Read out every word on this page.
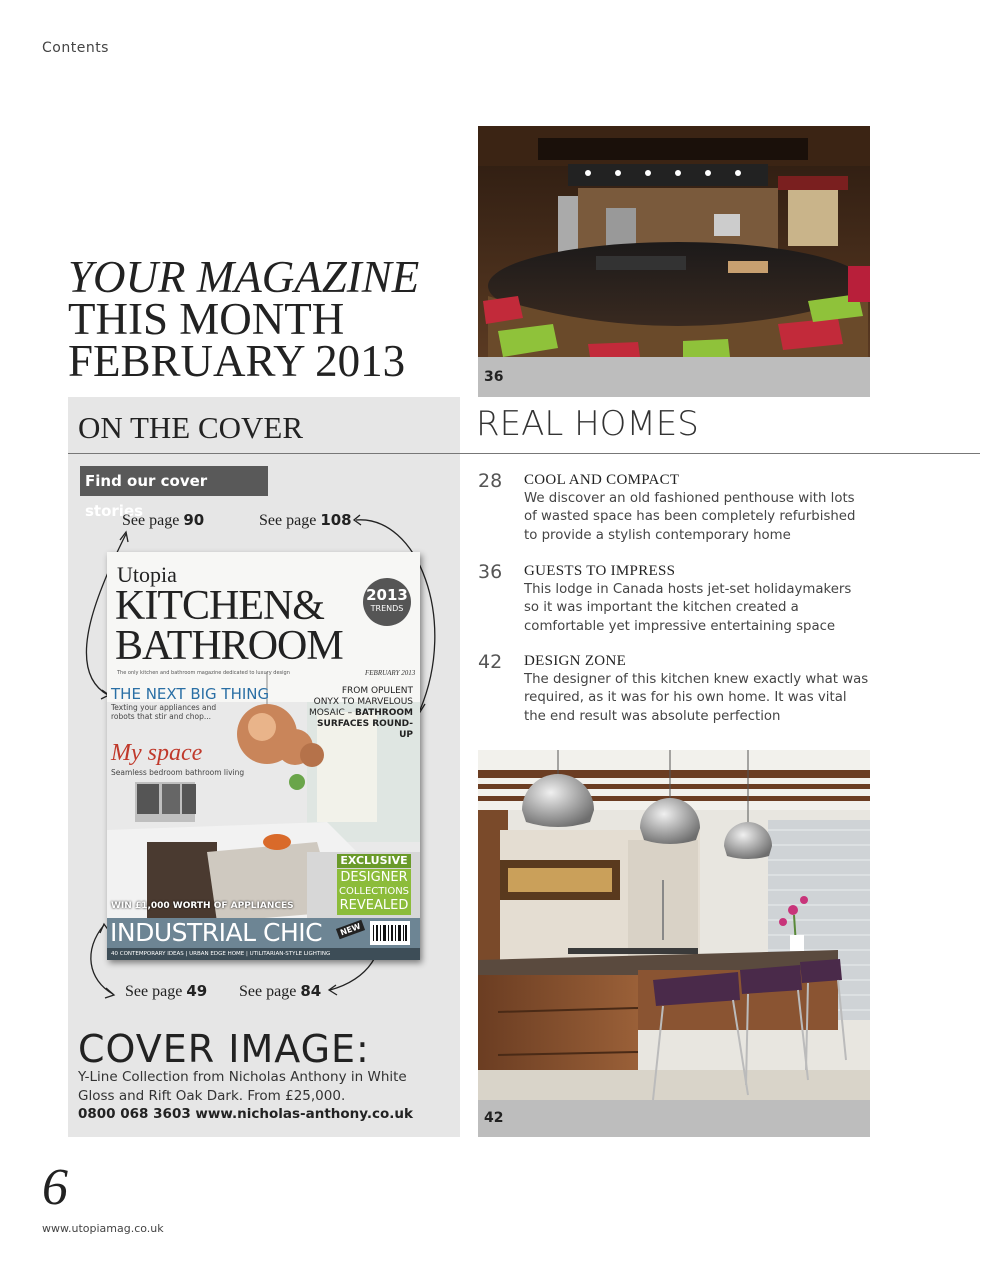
Contents
YOUR MAGAZINE
THIS MONTH
FEBRUARY 2013	36
ON THE COVER	REAL HOMES
Find our cover stories
See page 90	See page 108
See page 49 See page 84
Utopia
KITCHEN&
BATHROOM
2013
TRENDS
The only kitchen and bathroom magazine dedicated to luxury design	FEBRUARY 2013
THE NEXT BIG THING
Texting your appliances and
robots that stir and chop...
FROM OPULENT
ONYX TO MARVELOUS
MOSAIC – BATHROOM
SURFACES ROUND-UP
My space
Seamless bedroom bathroom living
EXCLUSIVE
DESIGNER
COLLECTIONS
REVEALED
WIN £1,000 WORTH OF APPLIANCES
INDUSTRIAL CHIC	NEW
40 CONTEMPORARY IDEAS | URBAN EDGE HOME | UTILITARIAN-STYLE LIGHTING
COVER IMAGE:
Y-Line Collection from Nicholas Anthony in White Gloss and Rift Oak Dark. From £25,000.
0800 068 3603 www.nicholas-anthony.co.uk
28 COOL AND COMPACT
We discover an old fashioned penthouse with lots of wasted space has been completely refurbished to provide a stylish contemporary home
36 GUESTS TO IMPRESS
This lodge in Canada hosts jet-set holidaymakers so it was important the kitchen created a comfortable yet impressive entertaining space
42 DESIGN ZONE
The designer of this kitchen knew exactly what was required, as it was for his own home. It was vital the end result was absolute perfection
42
6
www.utopiamag.co.uk
